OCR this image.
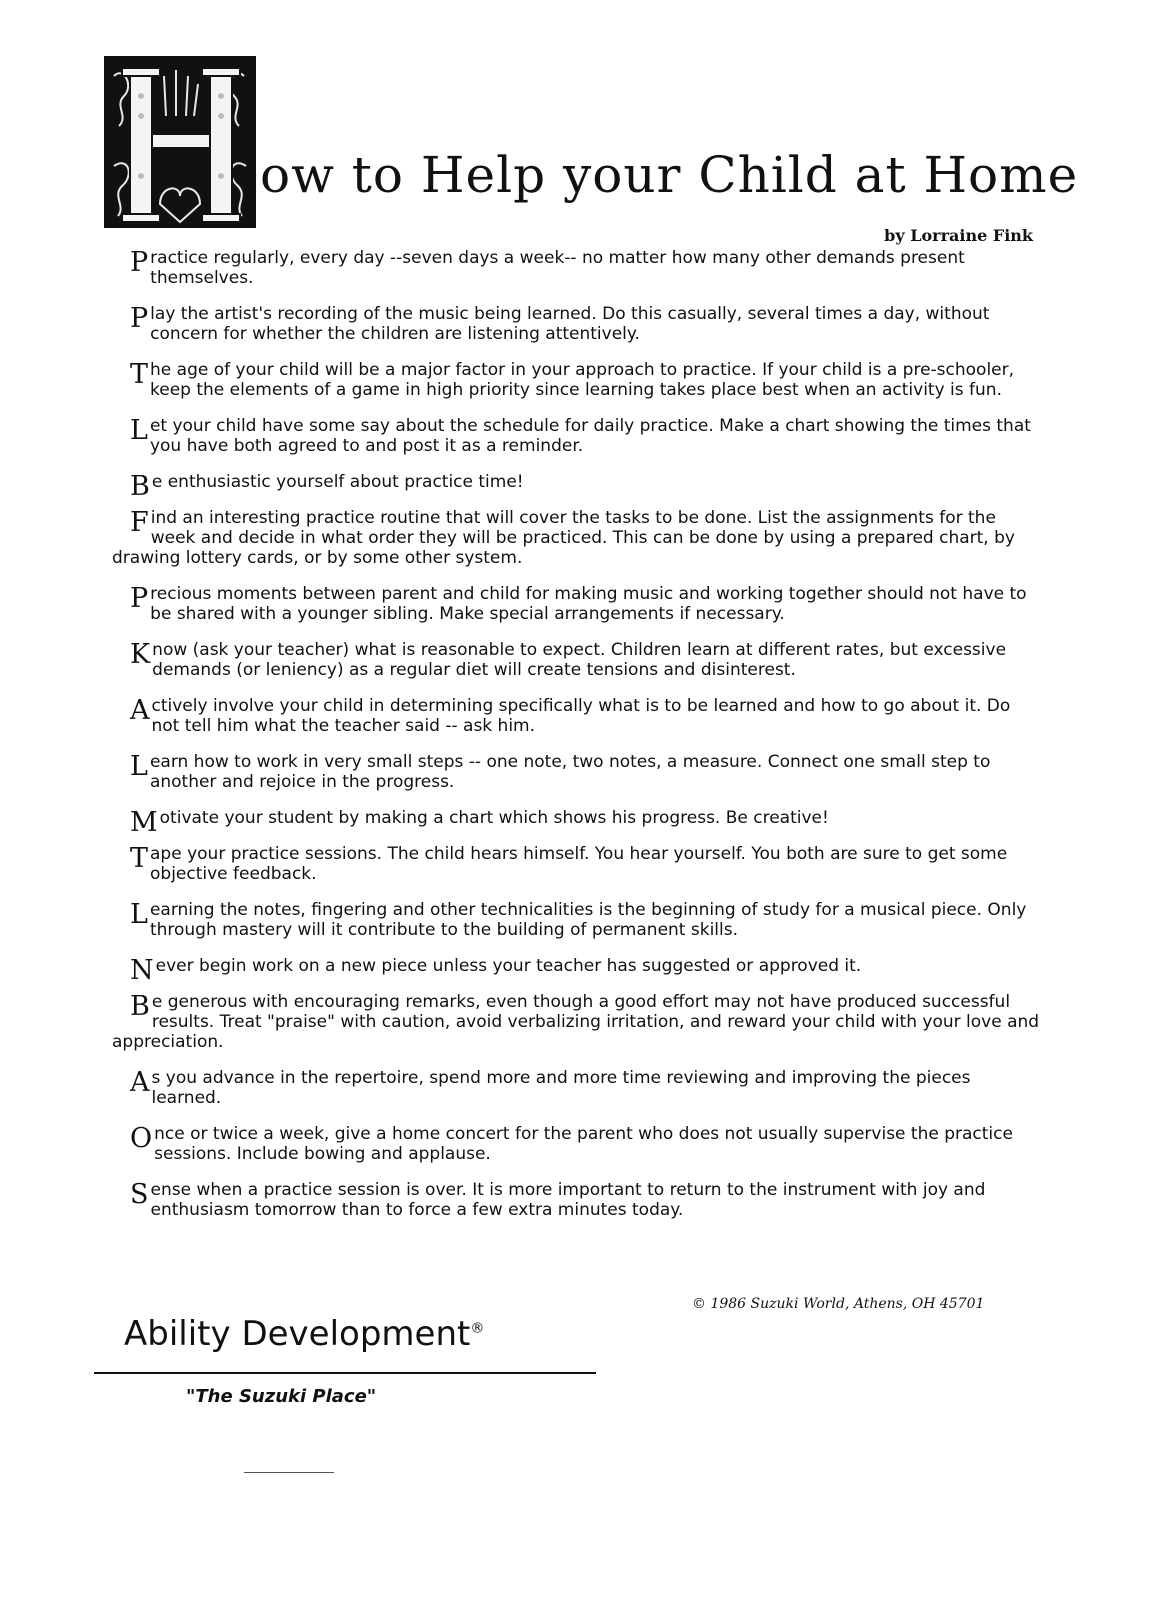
ow to Help your Child at Home
by Lorraine Fink
Practice regularly, every day --seven days a week-- no matter how many other demands present themselves.
Play the artist's recording of the music being learned. Do this casually, several times a day, without concern for whether the children are listening attentively.
The age of your child will be a major factor in your approach to practice. If your child is a pre-schooler, keep the elements of a game in high priority since learning takes place best when an activity is fun.
Let your child have some say about the schedule for daily practice. Make a chart showing the times that you have both agreed to and post it as a reminder.
Be enthusiastic yourself about practice time!
Find an interesting practice routine that will cover the tasks to be done. List the assignments for the week and decide in what order they will be practiced. This can be done by using a prepared chart, by drawing lottery cards, or by some other system.
Precious moments between parent and child for making music and working together should not have to be shared with a younger sibling. Make special arrangements if necessary.
Know (ask your teacher) what is reasonable to expect. Children learn at different rates, but excessive demands (or leniency) as a regular diet will create tensions and disinterest.
Actively involve your child in determining specifically what is to be learned and how to go about it. Do not tell him what the teacher said -- ask him.
Learn how to work in very small steps -- one note, two notes, a measure. Connect one small step to another and rejoice in the progress.
Motivate your student by making a chart which shows his progress. Be creative!
Tape your practice sessions. The child hears himself. You hear yourself. You both are sure to get some objective feedback.
Learning the notes, fingering and other technicalities is the beginning of study for a musical piece. Only through mastery will it contribute to the building of permanent skills.
Never begin work on a new piece unless your teacher has suggested or approved it.
Be generous with encouraging remarks, even though a good effort may not have produced successful results. Treat "praise" with caution, avoid verbalizing irritation, and reward your child with your love and appreciation.
As you advance in the repertoire, spend more and more time reviewing and improving the pieces learned.
Once or twice a week, give a home concert for the parent who does not usually supervise the practice sessions. Include bowing and applause.
Sense when a practice session is over. It is more important to return to the instrument with joy and enthusiasm tomorrow than to force a few extra minutes today.
© 1986 Suzuki World, Athens, OH 45701
Ability Development®
"The Suzuki Place"
